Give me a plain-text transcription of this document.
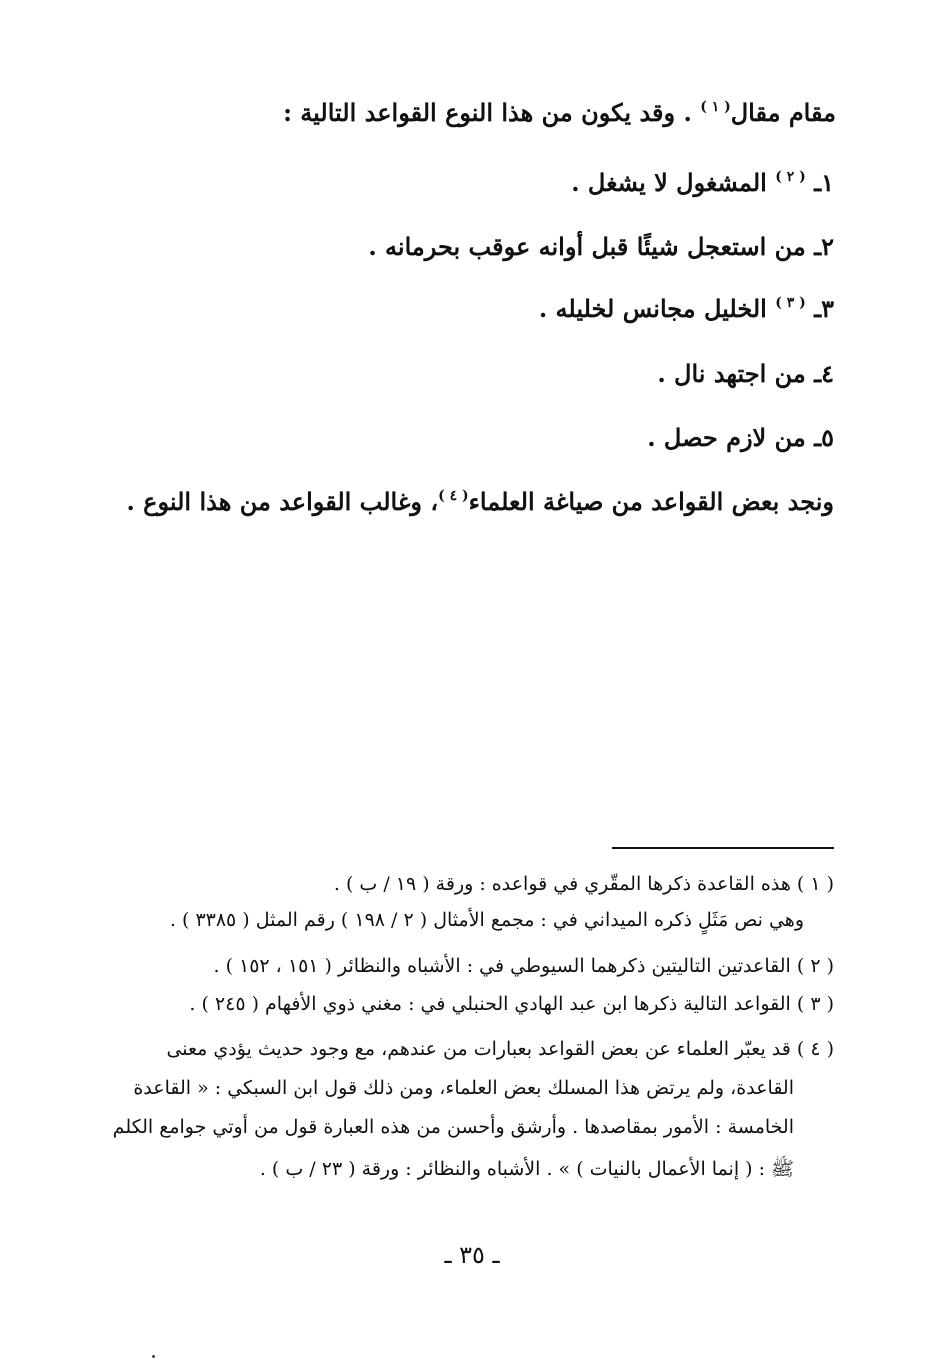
مقام مقال$^{( ١ )}$ . وقد يكون من هذا النوع القواعد التالية :
١ـ $^{( ٢ )}$ المشغول لا يشغل .
٢ـ من استعجل شيئًا قبل أوانه عوقب بحرمانه .
٣ـ $^{( ٣ )}$ الخليل مجانس لخليله .
٤ـ من اجتهد نال .
٥ـ من لازم حصل .
ونجد بعض القواعد من صياغة العلماء$^{( ٤ )}$، وغالب القواعد من هذا النوع .
( ١ ) هذه القاعدة ذكرها المقّري في قواعده : ورقة ( ١٩ / ب ) .
وهي نص مَثَلٍ ذكره الميداني في : مجمع الأمثال ( ٢ / ١٩٨ ) رقم المثل ( ٣٣٨٥ ) .
( ٢ ) القاعدتين التاليتين ذكرهما السيوطي في : الأشباه والنظائر ( ١٥١ ، ١٥٢ ) .
( ٣ ) القواعد التالية ذكرها ابن عبد الهادي الحنبلي في : مغني ذوي الأفهام ( ٢٤٥ ) .
( ٤ ) قد يعبّر العلماء عن بعض القواعد بعبارات من عندهم، مع وجود حديث يؤدي معنى
القاعدة، ولم يرتض هذا المسلك بعض العلماء، ومن ذلك قول ابن السبكي : « القاعدة
الخامسة : الأمور بمقاصدها . وأرشق وأحسن من هذه العبارة قول من أوتي جوامع الكلم
ﷺ : ( إنما الأعمال بالنيات ) » . الأشباه والنظائر : ورقة ( ٢٣ / ب ) .
ـ ٣٥ ـ
